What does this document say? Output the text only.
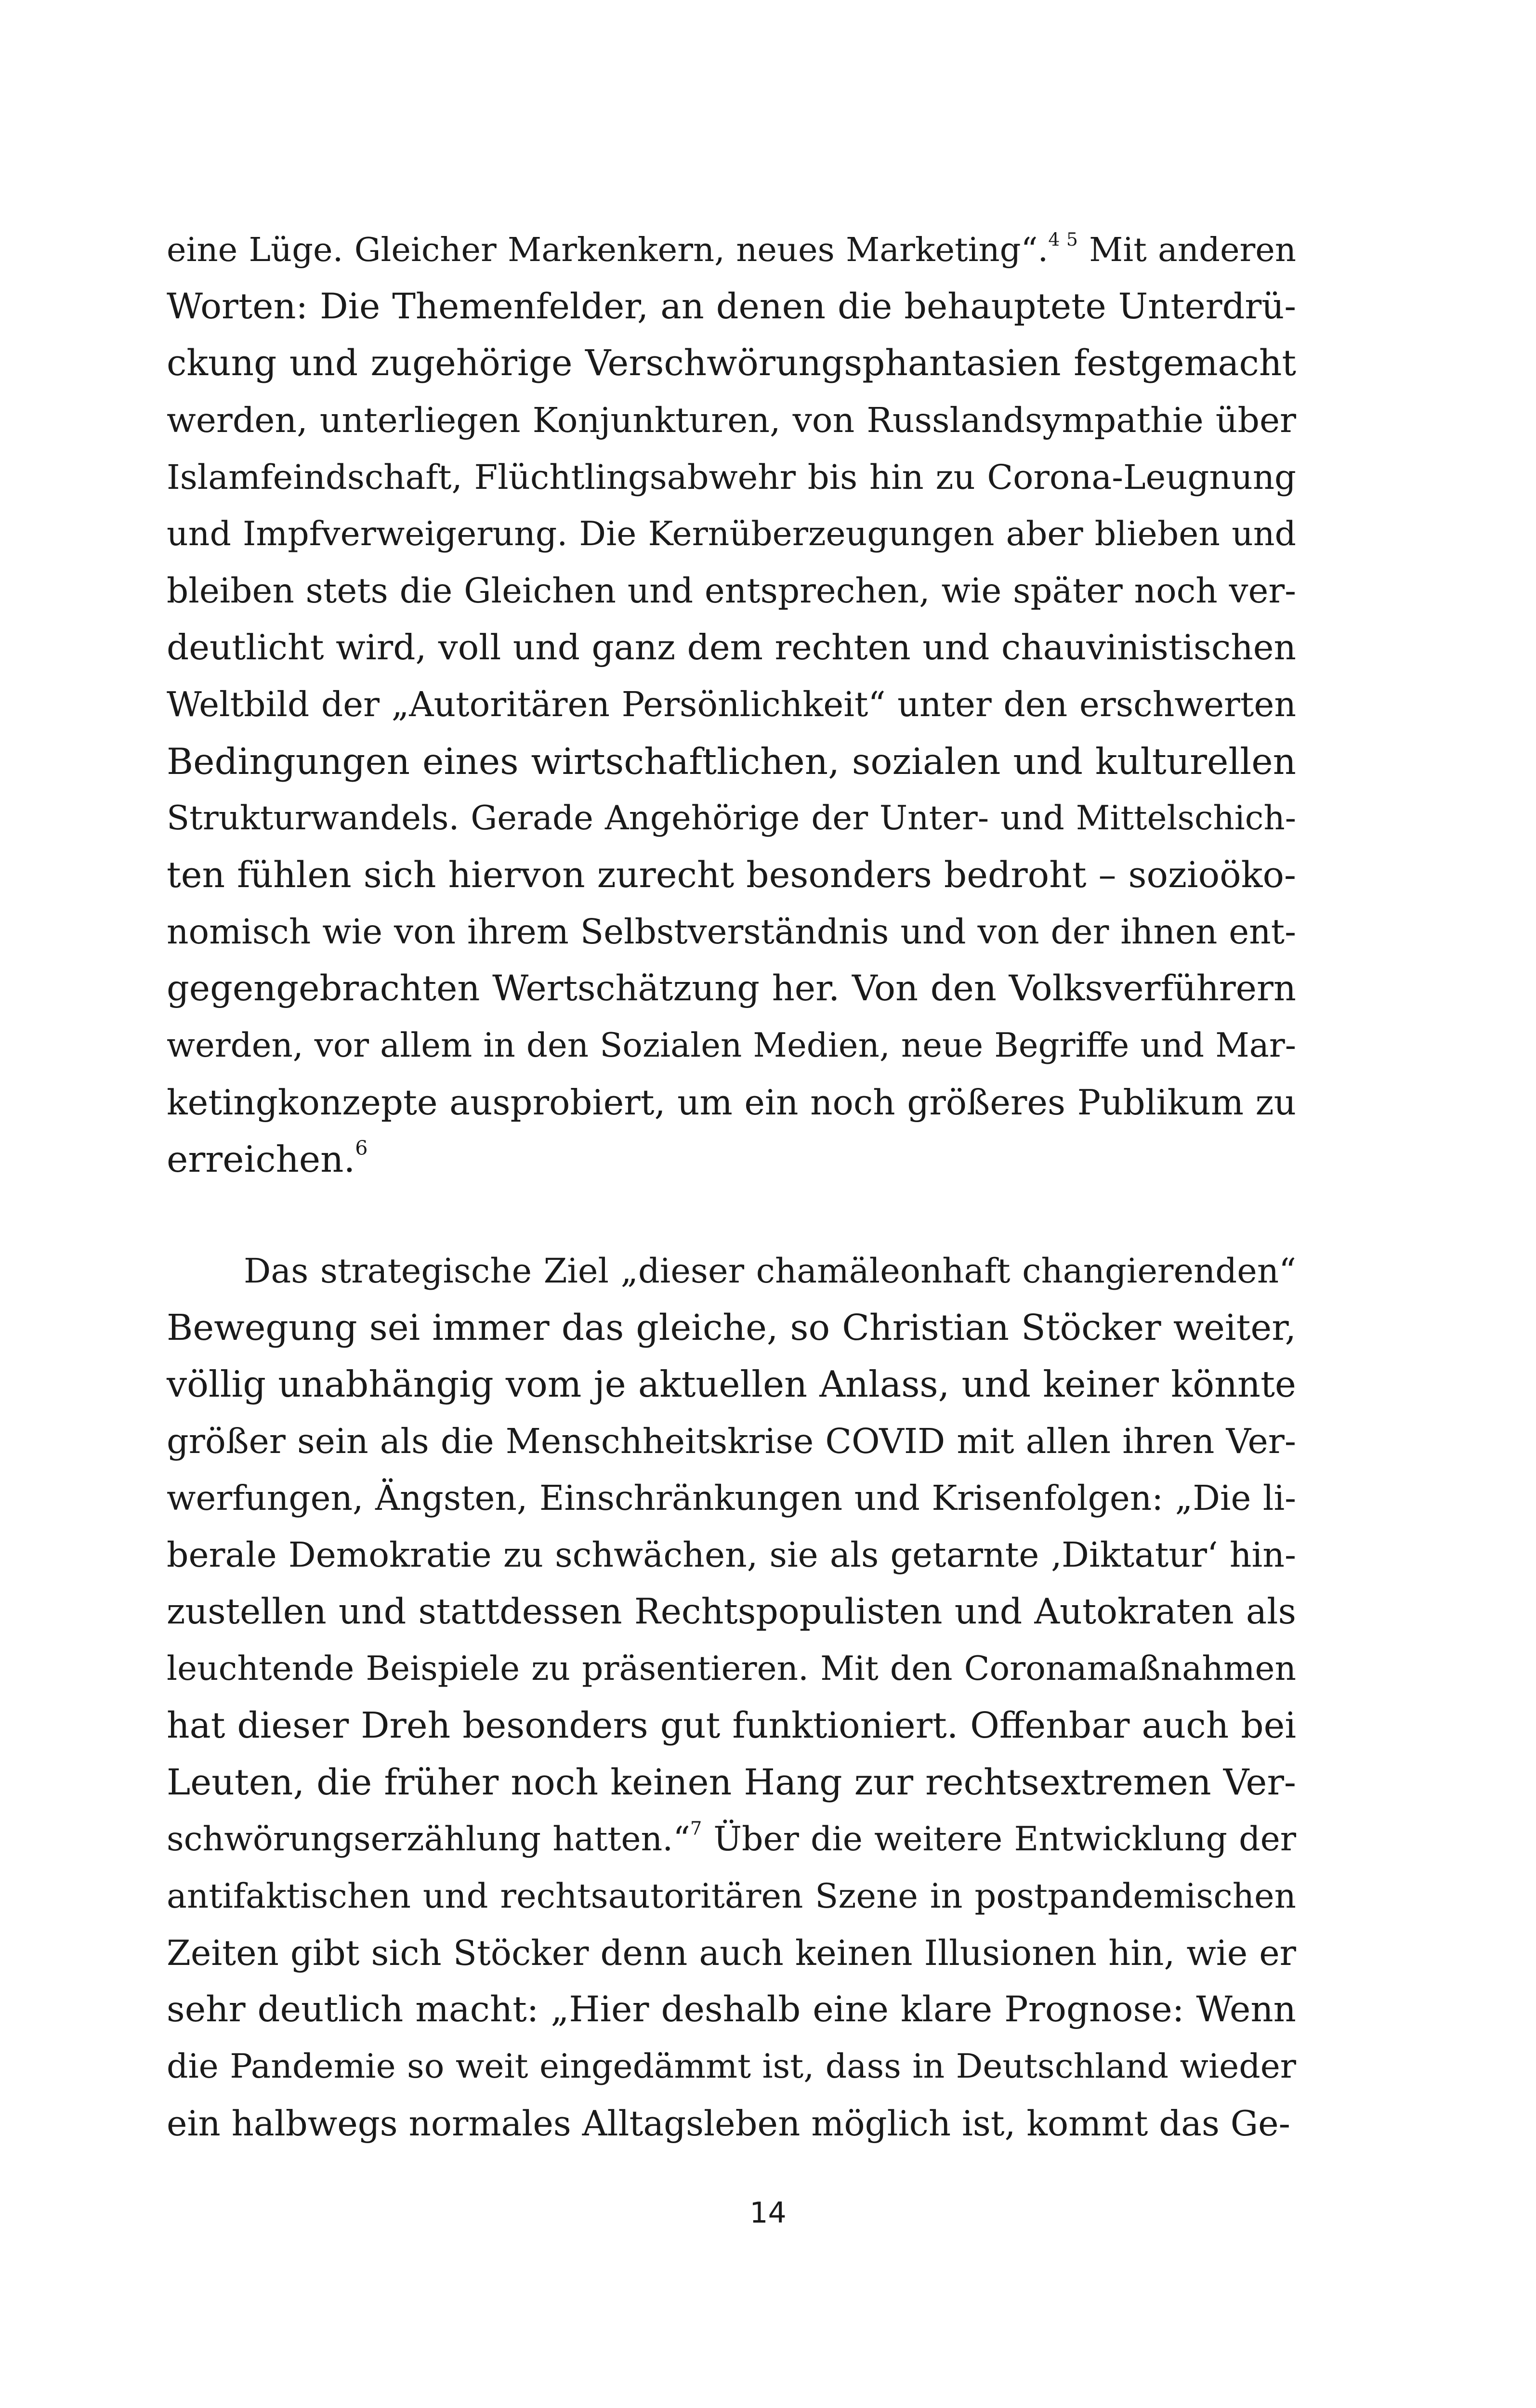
eine Lüge. Gleicher Markenkern, neues Marketing“.$^{4 5}$ Mit anderen
Worten: Die Themenfelder, an denen die behauptete Unterdrü-
ckung und zugehörige Verschwörungsphantasien festgemacht
werden, unterliegen Konjunkturen, von Russlandsympathie über
Islamfeindschaft, Flüchtlingsabwehr bis hin zu Corona-Leugnung
und Impfverweigerung. Die Kernüberzeugungen aber blieben und
bleiben stets die Gleichen und entsprechen, wie später noch ver-
deutlicht wird, voll und ganz dem rechten und chauvinistischen
Weltbild der „Autoritären Persönlichkeit“ unter den erschwerten
Bedingungen eines wirtschaftlichen, sozialen und kulturellen
Strukturwandels. Gerade Angehörige der Unter- und Mittelschich-
ten fühlen sich hiervon zurecht besonders bedroht – sozioöko-
nomisch wie von ihrem Selbstverständnis und von der ihnen ent-
gegengebrachten Wertschätzung her. Von den Volksverführern
werden, vor allem in den Sozialen Medien, neue Begriffe und Mar-
ketingkonzepte ausprobiert, um ein noch größeres Publikum zu
erreichen.$^6$
Das strategische Ziel „dieser chamäleonhaft changierenden“
Bewegung sei immer das gleiche, so Christian Stöcker weiter,
völlig unabhängig vom je aktuellen Anlass, und keiner könnte
größer sein als die Menschheitskrise COVID mit allen ihren Ver-
werfungen, Ängsten, Einschränkungen und Krisenfolgen: „Die li-
berale Demokratie zu schwächen, sie als getarnte ‚Diktatur‘ hin-
zustellen und stattdessen Rechtspopulisten und Autokraten als
leuchtende Beispiele zu präsentieren. Mit den Coronamaßnahmen
hat dieser Dreh besonders gut funktioniert. Offenbar auch bei
Leuten, die früher noch keinen Hang zur rechtsextremen Ver-
schwörungserzählung hatten.“$^7$ Über die weitere Entwicklung der
antifaktischen und rechtsautoritären Szene in postpandemischen
Zeiten gibt sich Stöcker denn auch keinen Illusionen hin, wie er
sehr deutlich macht: „Hier deshalb eine klare Prognose: Wenn
die Pandemie so weit eingedämmt ist, dass in Deutschland wieder
ein halbwegs normales Alltagsleben möglich ist, kommt das Ge-
14
